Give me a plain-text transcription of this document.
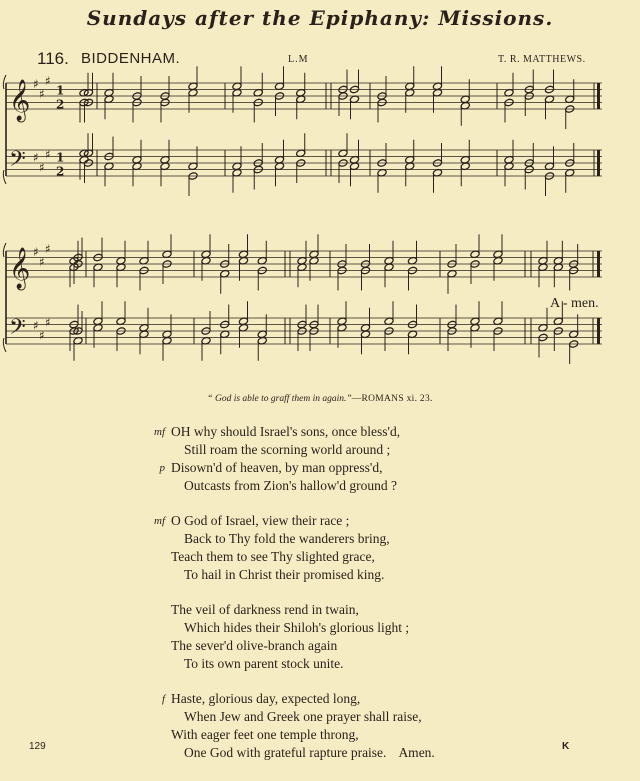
Sundays after the Epiphany: Missions.
116. BIDDENHAM.	L.M	T. R. MATTHEWS.
𝄞 ♯
♯
♯
1
2
𝄢 ♯
♯
♯ 1
2
𝄞 ♯
♯
♯
𝄢 ♯
♯
♯
A - men.
“ God is able to graff them in again.”—ROMANS xi. 23.
mf OH why should Israel's sons, once bless'd,
Still roam the scorning world around ;
p Disown'd of heaven, by man oppress'd,
Outcasts from Zion's hallow'd ground ?
mf O God of Israel, view their race ;
Back to Thy fold the wanderers bring,
Teach them to see Thy slighted grace,
To hail in Christ their promised king.
The veil of darkness rend in twain,
Which hides their Shiloh's glorious light ;
The sever'd olive-branch again
To its own parent stock unite.
f Haste, glorious day, expected long,
When Jew and Greek one prayer shall raise,
With eager feet one temple throng,
One God with grateful rapture praise. Amen.
129	K
